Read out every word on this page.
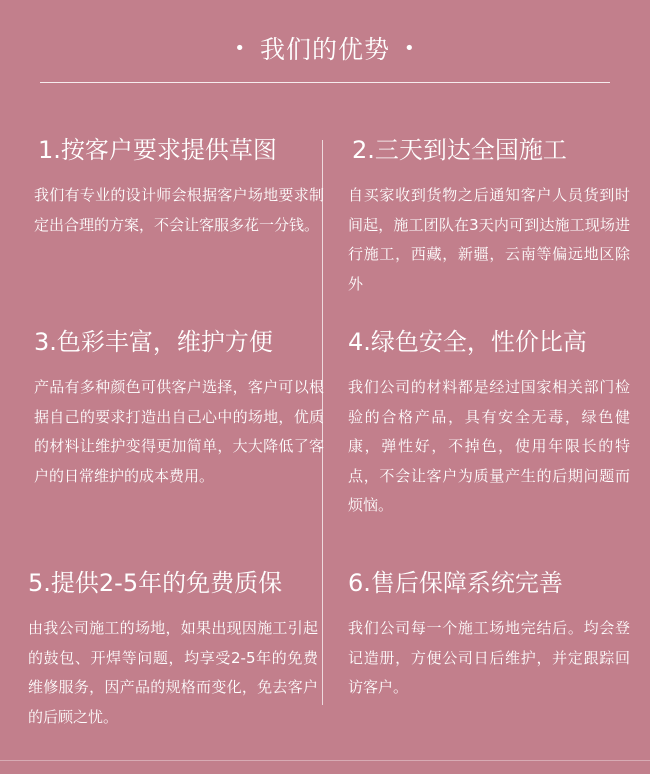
• 我们的优势 •
1.按客户要求提供草图
我们有专业的设计师会根据客户场地要求制定出合理的方案，不会让客服多花一分钱。
2.三天到达全国施工
自买家收到货物之后通知客户人员货到时间起，施工团队在3天内可到达施工现场进行施工，西藏，新疆，云南等偏远地区除外
3.色彩丰富，维护方便
产品有多种颜色可供客户选择，客户可以根据自己的要求打造出自己心中的场地，优质的材料让维护变得更加简单，大大降低了客户的日常维护的成本费用。
4.绿色安全，性价比高
我们公司的材料都是经过国家相关部门检验的合格产品，具有安全无毒，绿色健康，弹性好，不掉色，使用年限长的特点，不会让客户为质量产生的后期问题而烦恼。
5.提供2-5年的免费质保
由我公司施工的场地，如果出现因施工引起的鼓包、开焊等问题，均享受2-5年的免费维修服务，因产品的规格而变化，免去客户的后顾之忧。
6.售后保障系统完善
我们公司每一个施工场地完结后。均会登记造册，方便公司日后维护，并定跟踪回访客户。
